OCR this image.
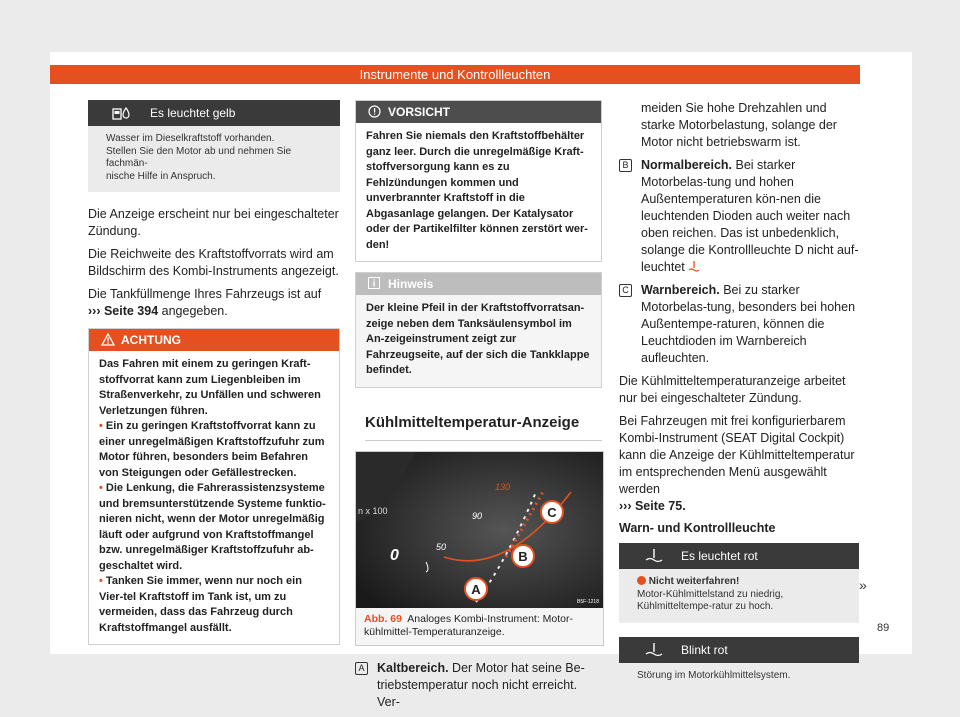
Instrumente und Kontrollleuchten
Es leuchtet gelb
Wasser im Dieselkraftstoff vorhanden.
Stellen Sie den Motor ab und nehmen Sie fachmän-
nische Hilfe in Anspruch.

Die Anzeige erscheint nur bei eingeschalteter Zündung.

Die Reichweite des Kraftstoffvorrats wird am Bildschirm des Kombi-Instruments angezeigt.

Die Tankfüllmenge Ihres Fahrzeugs ist auf
››› Seite 394 angegeben.

ACHTUNG
Das Fahren mit einem zu geringen Kraft-stoffvorrat kann zum Liegenbleiben im Straßenverkehr, zu Unfällen und schweren Verletzungen führen.
• Ein zu geringen Kraftstoffvorrat kann zu einer unregelmäßigen Kraftstoffzufuhr zum Motor führen, besonders beim Befahren von Steigungen oder Gefällestrecken.
• Die Lenkung, die Fahrerassistenzsysteme und bremsunterstützende Systeme funktio-nieren nicht, wenn der Motor unregelmäßig läuft oder aufgrund von Kraftstoffmangel bzw. unregelmäßiger Kraftstoffzufuhr ab-geschaltet wird.
• Tanken Sie immer, wenn nur noch ein Vier-tel Kraftstoff im Tank ist, um zu vermeiden, dass das Fahrzeug durch Kraftstoffmangel ausfällt.
VORSICHT
Fahren Sie niemals den Kraftstoffbehälter ganz leer. Durch die unregelmäßige Kraft-stoffversorgung kann es zu Fehlzündungen kommen und unverbrannter Kraftstoff in die Abgasanlage gelangen. Der Katalysator oder der Partikelfilter können zerstört wer-den!
Hinweis
Der kleine Pfeil in der Kraftstoffvorratsan-zeige neben dem Tanksäulensymbol im An-zeigeinstrument zeigt zur Fahrzeugseite, auf der sich die Tankklappe befindet.
Kühlmitteltemperatur-Anzeige
n x 100
0
130
90
50
A
B
C
B5F-1218
Abb. 69 Analoges Kombi-Instrument: Motor-kühlmittel-Temperaturanzeige.
A Kaltbereich. Der Motor hat seine Be-triebstemperatur noch nicht erreicht. Ver-
meiden Sie hohe Drehzahlen und starke Motorbelastung, solange der Motor nicht betriebswarm ist.
B Normalbereich. Bei starker Motorbelas-tung und hohen Außentemperaturen kön-nen die leuchtenden Dioden auch weiter nach oben reichen. Das ist unbedenklich, solange die Kontrollleuchte D nicht auf-leuchtet
C Warnbereich. Bei zu starker Motorbelas-tung, besonders bei hohen Außentempe-raturen, können die Leuchtdioden im Warnbereich aufleuchten.

Die Kühlmitteltemperaturanzeige arbeitet nur bei eingeschalteter Zündung.

Bei Fahrzeugen mit frei konfigurierbarem Kombi-Instrument (SEAT Digital Cockpit) kann die Anzeige der Kühlmitteltemperatur im entsprechenden Menü ausgewählt werden
››› Seite 75.

Warn- und Kontrollleuchte
Es leuchtet rot
Nicht weiterfahren!
Motor-Kühlmittelstand zu niedrig, Kühlmitteltempe-ratur zu hoch.
Blinkt rot
Störung im Motorkühlmittelsystem.
»
89
